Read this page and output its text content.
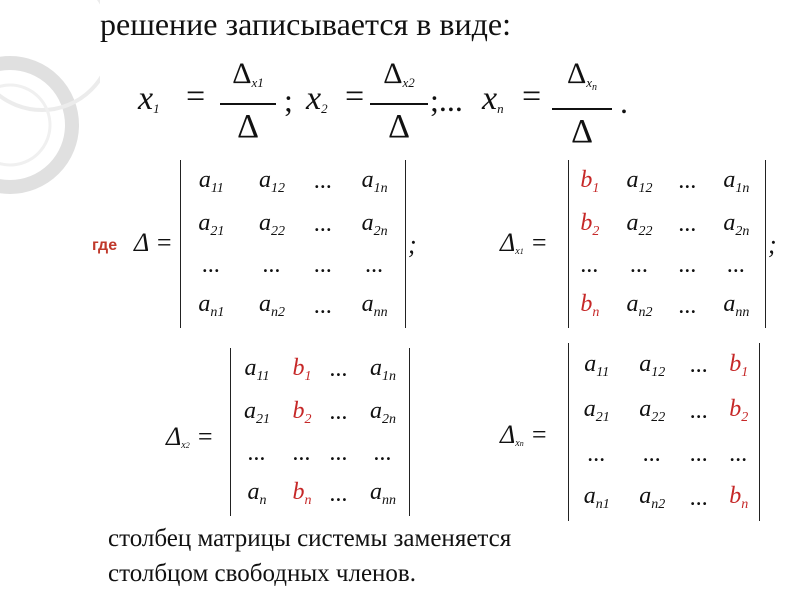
решение записывается в виде:
$x_1$ =
$\Delta_{x1}$
Δ
; $x_2$ =
$\Delta_{x2}$
Δ
;... $x_n$ =
$\Delta_{x_n}$
Δ
.
где Δ =
$a_{11}$	$a_{12}$	...	$a_{1n}$
$a_{21}$	$a_{22}$	...	$a_{2n}$
...	...	...	...
$a_{n1}$	$a_{n2}$	...	$a_{nn}$
;	Δx1 =
$b_1$	$a_{12}$	...	$a_{1n}$
$b_2$	$a_{22}$	...	$a_{2n}$
...	...	...	...
$b_n$	$a_{n2}$	...	$a_{nn}$
;
Δx2 =
$a_{11}$	$b_1$	...	$a_{1n}$
$a_{21}$	$b_2$	...	$a_{2n}$
...	...	...	...
$a_n$	$b_n$	...	$a_{nn}$
Δxn =
$a_{11}$	$a_{12}$	...	$b_1$
$a_{21}$	$a_{22}$	...	$b_2$
...	...	...	...
$a_{n1}$	$a_{n2}$	...	$b_n$
столбец матрицы системы заменяется
столбцом свободных членов.
